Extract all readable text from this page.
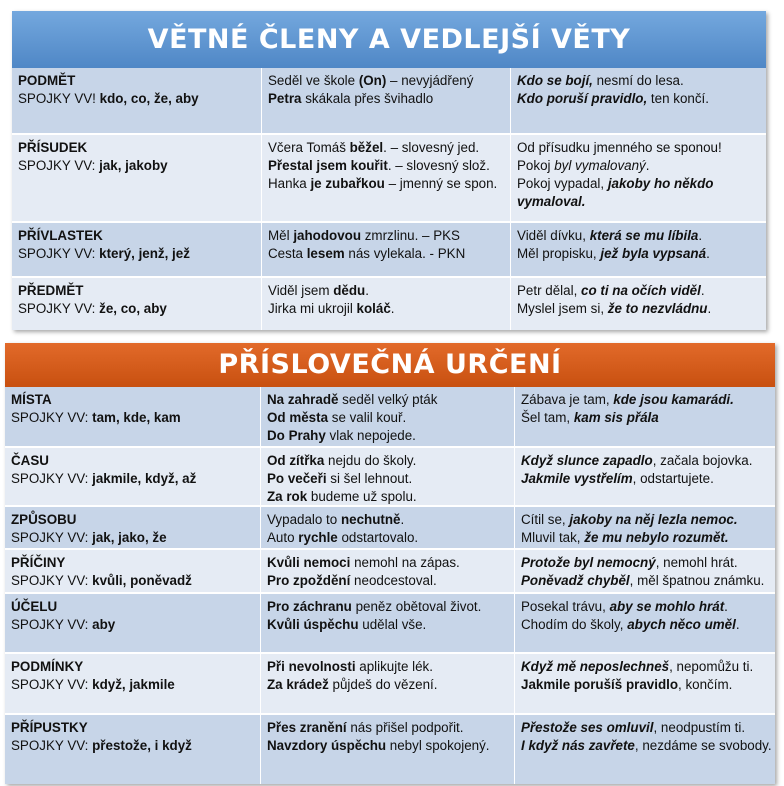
VĚTNÉ ČLENY A VEDLEJŠÍ VĚTY
PODMĚT
SPOJKY VV! kdo, co, že, aby
Seděl ve škole (On) – nevyjádřený
Petra skákala přes švihadlo
Kdo se bojí, nesmí do lesa.
Kdo poruší pravidlo, ten končí.
PŘÍSUDEK
SPOJKY VV: jak, jakoby
Včera Tomáš běžel. – slovesný jed.
Přestal jsem kouřit. – slovesný slož.
Hanka je zubařkou – jmenný se spon.
Od přísudku jmenného se sponou!
Pokoj byl vymalovaný.
Pokoj vypadal, jakoby ho někdo
vymaloval.
PŘÍVLASTEK
SPOJKY VV: který, jenž, jež
Měl jahodovou zmrzlinu. – PKS
Cesta lesem nás vylekala. - PKN
Viděl dívku, která se mu líbila.
Měl propisku, jež byla vypsaná.
PŘEDMĚT
SPOJKY VV: že, co, aby
Viděl jsem dědu.
Jirka mi ukrojil koláč.
Petr dělal, co ti na očích viděl.
Myslel jsem si, že to nezvládnu.
PŘÍSLOVEČNÁ URČENÍ
MÍSTA
SPOJKY VV: tam, kde, kam
Na zahradě seděl velký pták
Od města se valil kouř.
Do Prahy vlak nepojede.
Zábava je tam, kde jsou kamarádi.
Šel tam, kam sis přála
ČASU
SPOJKY VV: jakmile, když, až
Od zítřka nejdu do školy.
Po večeři si šel lehnout.
Za rok budeme už spolu.
Když slunce zapadlo, začala bojovka.
Jakmile vystřelím, odstartujete.
ZPŮSOBU
SPOJKY VV: jak, jako, že
Vypadalo to nechutně.
Auto rychle odstartovalo.
Cítil se, jakoby na něj lezla nemoc.
Mluvil tak, že mu nebylo rozumět.
PŘÍČINY
SPOJKY VV: kvůli, poněvadž
Kvůli nemoci nemohl na zápas.
Pro zpoždění neodcestoval.
Protože byl nemocný, nemohl hrát.
Poněvadž chyběl, měl špatnou známku.
ÚČELU
SPOJKY VV: aby
Pro záchranu peněz obětoval život.
Kvůli úspěchu udělal vše.
Posekal trávu, aby se mohlo hrát.
Chodím do školy, abych něco uměl.
PODMÍNKY
SPOJKY VV: když, jakmile
Při nevolnosti aplikujte lék.
Za krádež půjdeš do vězení.
Když mě neposlechneš, nepomůžu ti.
Jakmile porušíš pravidlo, končím.
PŘÍPUSTKY
SPOJKY VV: přestože, i když
Přes zranění nás přišel podpořit.
Navzdory úspěchu nebyl spokojený.
Přestože ses omluvil, neodpustím ti.
I když nás zavřete, nezdáme se svobody.
